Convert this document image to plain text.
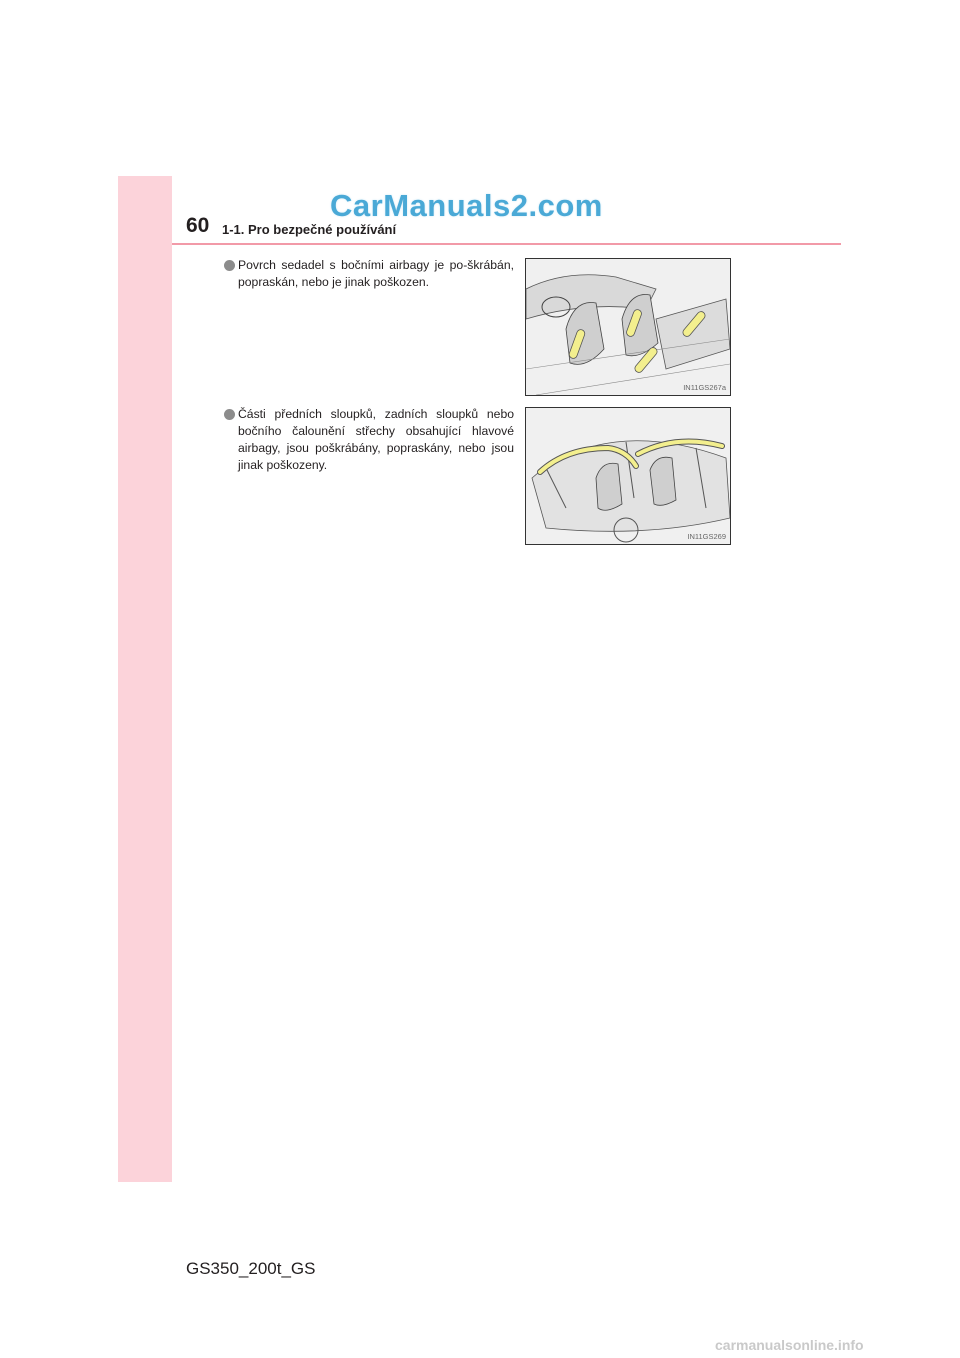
CarManuals2.com
60 1-1. Pro bezpečné používání
Povrch sedadel s bočními airbagy je po-škrábán, popraskán, nebo je jinak poškozen.
IN11GS267a
Části předních sloupků, zadních sloupků nebo bočního čalounění střechy obsahující hlavové airbagy, jsou poškrábány, popraskány, nebo jsou jinak poškozeny.
IN11GS269
GS350_200t_GS
carmanualsonline.info
